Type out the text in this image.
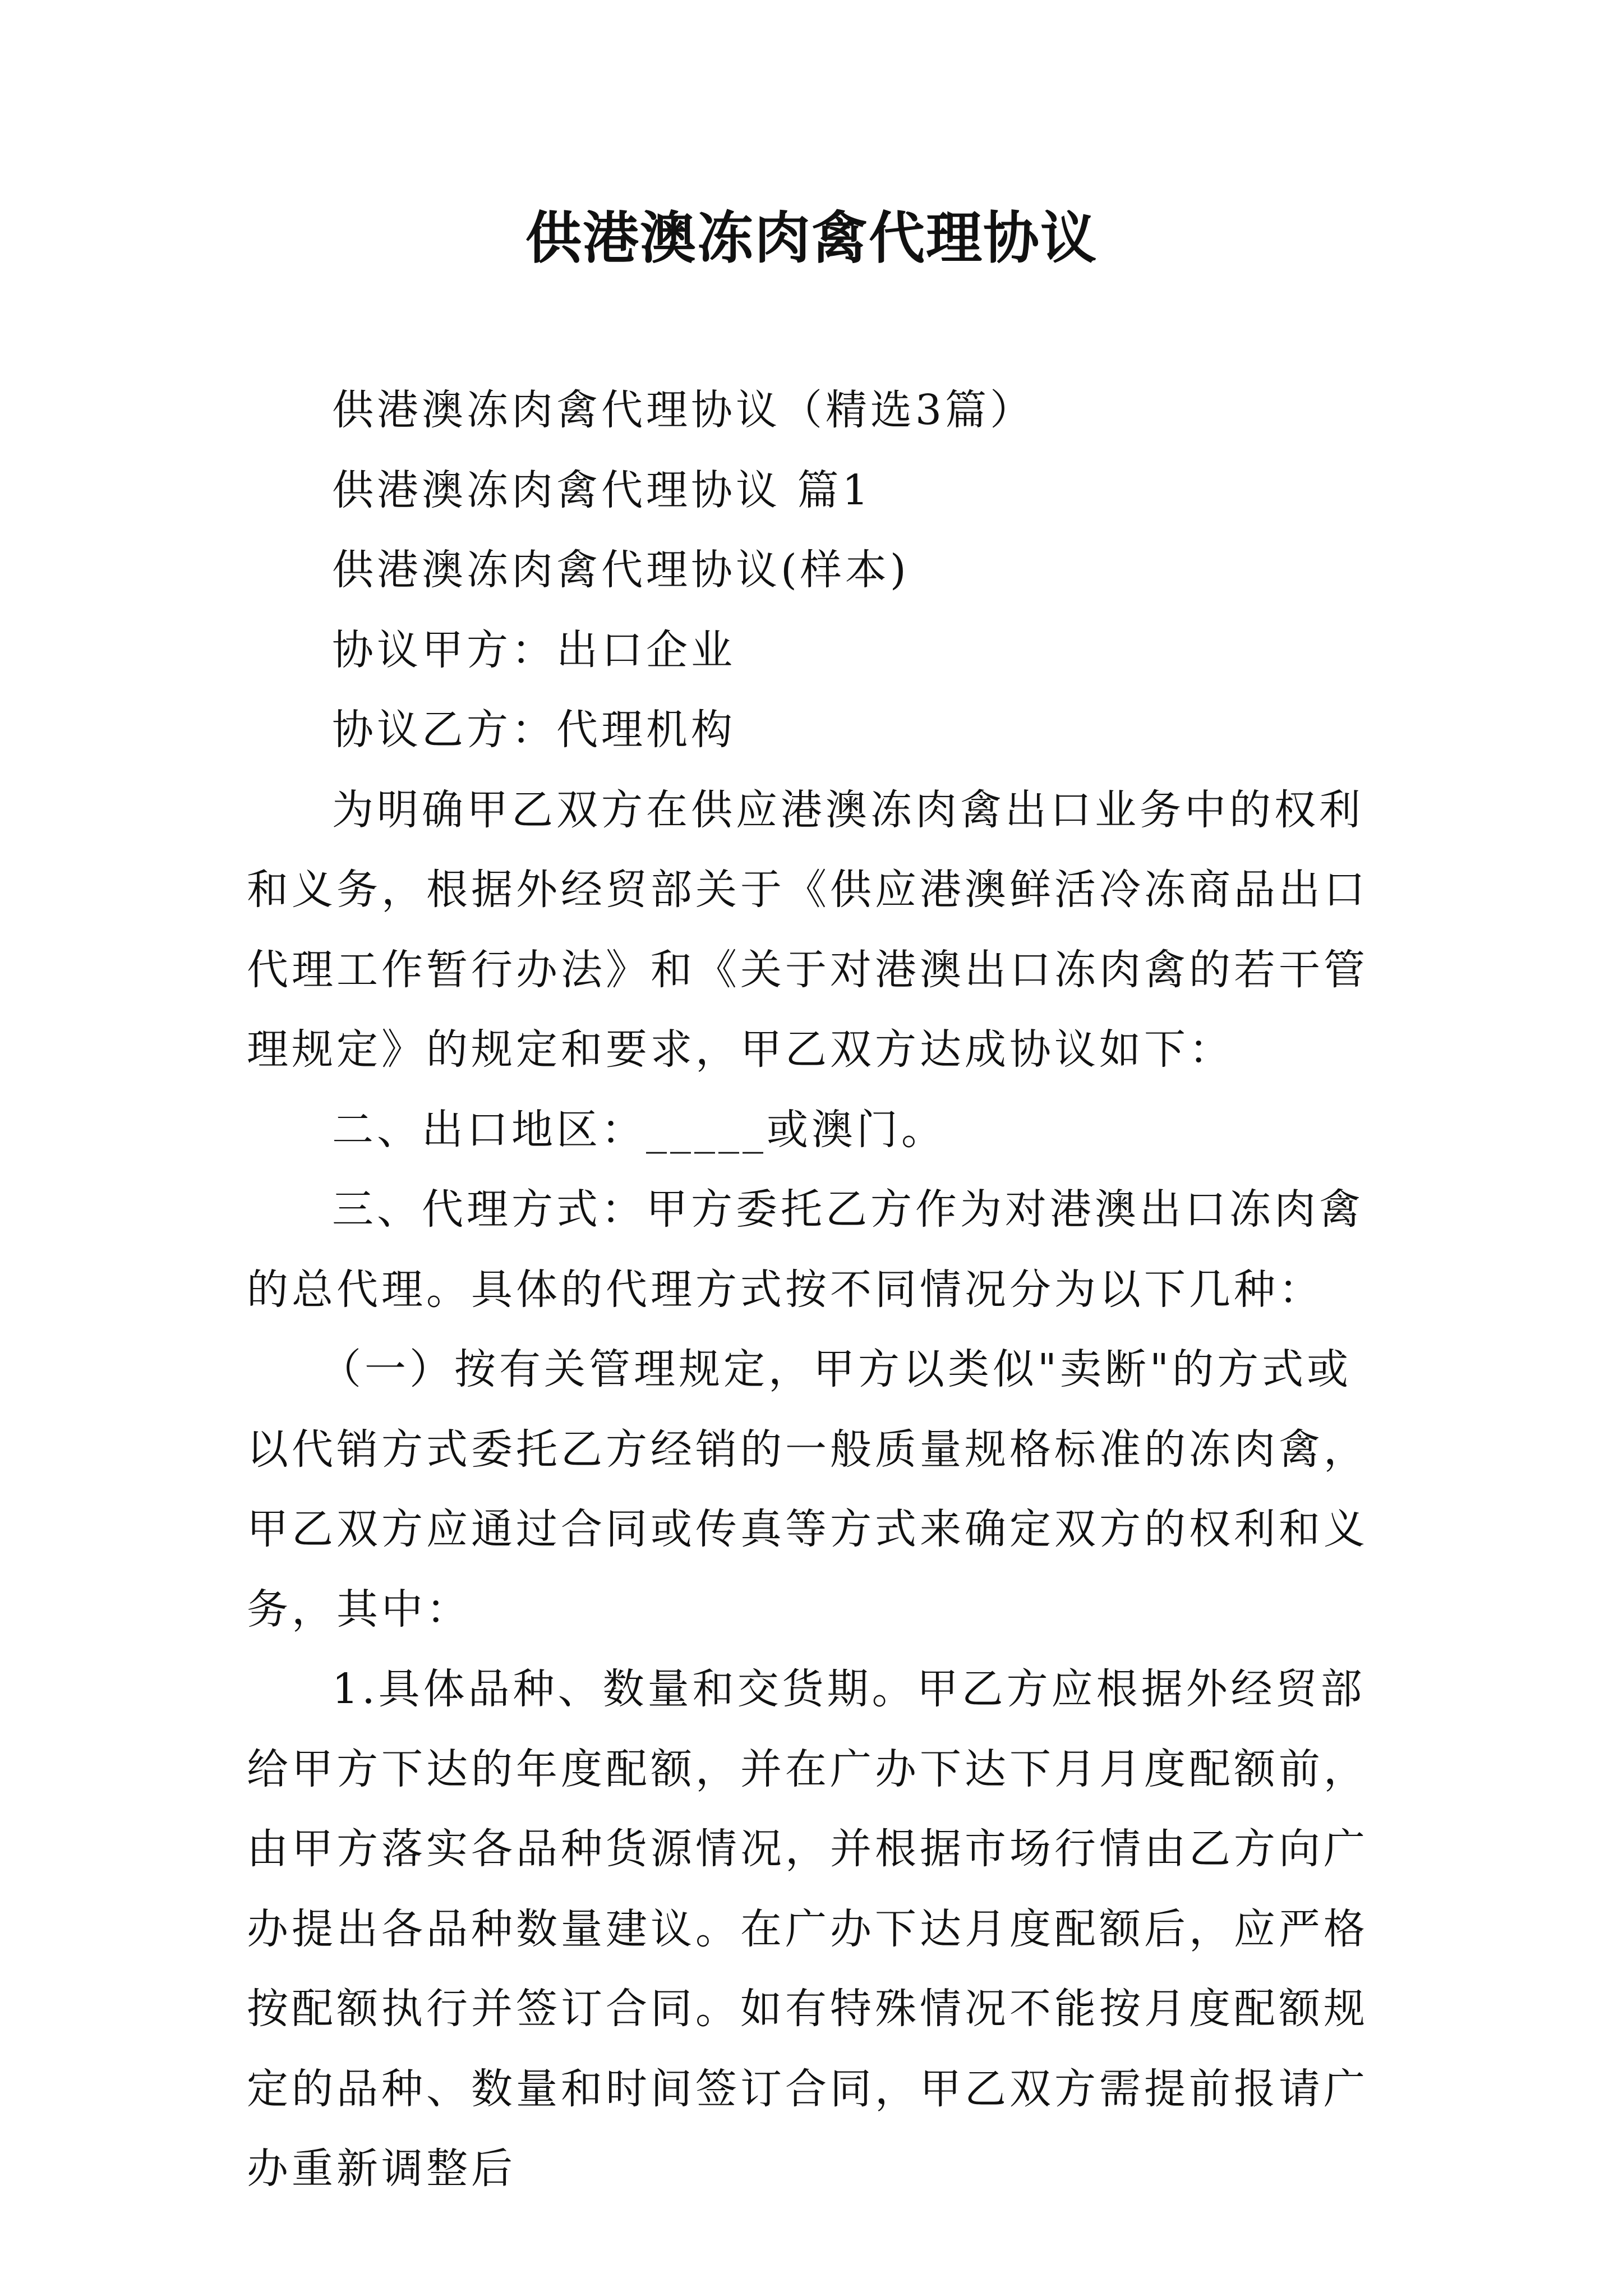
供港澳冻肉禽代理协议

供港澳冻肉禽代理协议（精选3篇）

供港澳冻肉禽代理协议 篇1

供港澳冻肉禽代理协议(样本)

协议甲方：出口企业

协议乙方：代理机构

为明确甲乙双方在供应港澳冻肉禽出口业务中的权利和义务，根据外经贸部关于《供应港澳鲜活冷冻商品出口代理工作暂行办法》和《关于对港澳出口冻肉禽的若干管理规定》的规定和要求，甲乙双方达成协议如下：

二、出口地区：_____或澳门。

三、代理方式：甲方委托乙方作为对港澳出口冻肉禽的总代理。具体的代理方式按不同情况分为以下几种：

（一）按有关管理规定，甲方以类似"卖断"的方式或以代销方式委托乙方经销的一般质量规格标准的冻肉禽，甲乙双方应通过合同或传真等方式来确定双方的权利和义务，其中：

1.具体品种、数量和交货期。甲乙方应根据外经贸部给甲方下达的年度配额，并在广办下达下月月度配额前，由甲方落实各品种货源情况，并根据市场行情由乙方向广办提出各品种数量建议。在广办下达月度配额后，应严格按配额执行并签订合同。如有特殊情况不能按月度配额规定的品种、数量和时间签订合同，甲乙双方需提前报请广办重新调整后
